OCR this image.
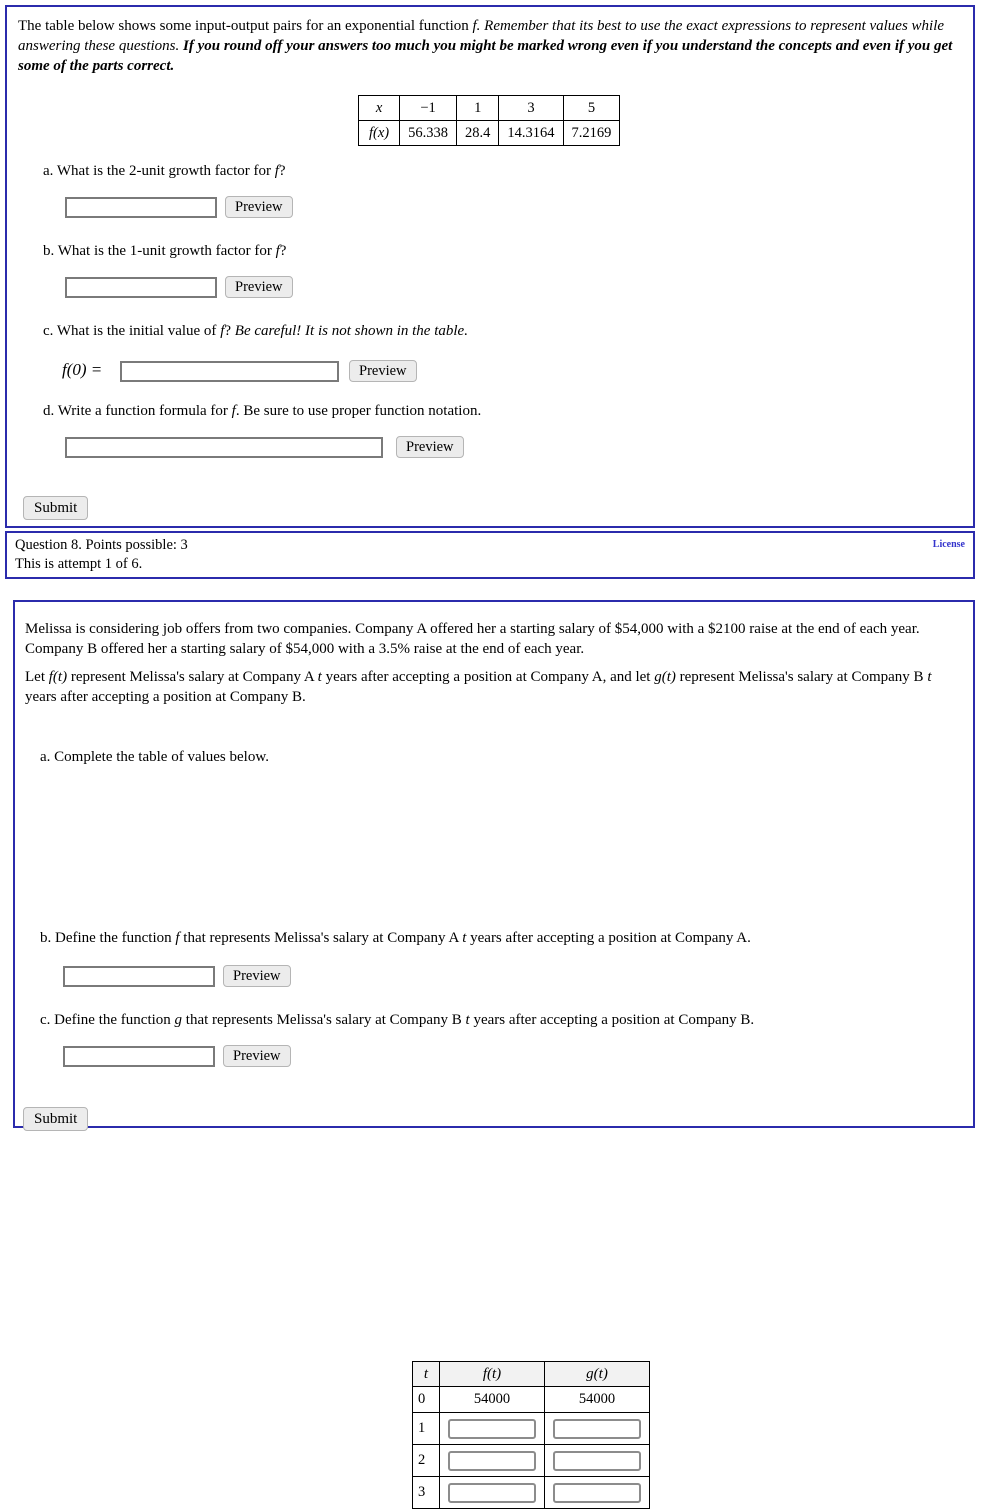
The table below shows some input-output pairs for an exponential function f. Remember that its best to use the exact expressions to represent values while answering these questions. If you round off your answers too much you might be marked wrong even if you understand the concepts and even if you get some of the parts correct.
x	−1	1	3	5
f(x)	56.338	28.4	14.3164	7.2169
a. What is the 2-unit growth factor for f?
Preview
b. What is the 1-unit growth factor for f?
Preview
c. What is the initial value of f? Be careful! It is not shown in the table.
f(0) =	Preview
d. Write a function formula for f. Be sure to use proper function notation.
Preview
Submit
Question 8. Points possible: 3
This is attempt 1 of 6.
License
Melissa is considering job offers from two companies. Company A offered her a starting salary of $54,000 with a $2100 raise at the end of each year. Company B offered her a starting salary of $54,000 with a 3.5% raise at the end of each year.
Let f(t) represent Melissa's salary at Company A t years after accepting a position at Company A, and let g(t) represent Melissa's salary at Company B t years after accepting a position at Company B.
a. Complete the table of values below.
t	f(t)	g(t)
0	54000	54000
1		
2		
3		
b. Define the function f that represents Melissa's salary at Company A t years after accepting a position at Company A.
Preview
c. Define the function g that represents Melissa's salary at Company B t years after accepting a position at Company B.
Preview
Submit
